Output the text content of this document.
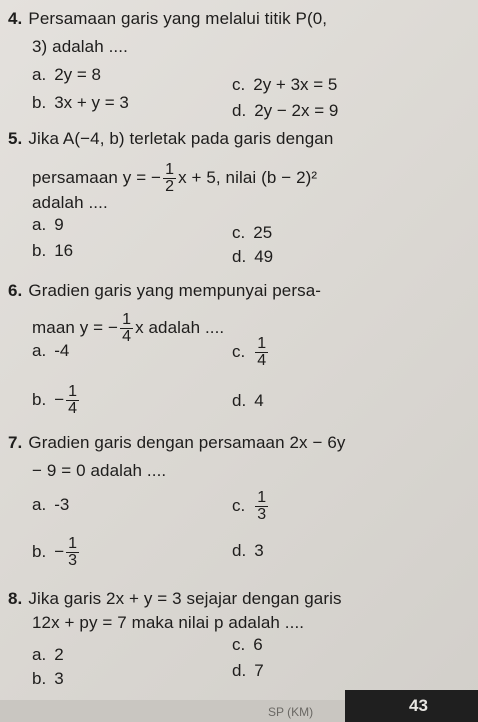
4. Persamaan garis yang melalui titik P(0,
3) adalah ....
a. 2y = 8
b. 3x + y = 3
c. 2y + 3x = 5
d. 2y − 2x = 9
5. Jika A(−4, b) terletak pada garis dengan
persamaan y = − $\frac{1}{2}$ x + 5, nilai (b − 2)²
adalah ....
a. 9
b. 16
c. 25
d. 49
6. Gradien garis yang mempunyai persa-
maan y = − $\frac{1}{4}$ x adalah ....
a. -4
b. − $\frac{1}{4}$
c. $\frac{1}{4}$
d. 4
7. Gradien garis dengan persamaan 2x − 6y
− 9 = 0 adalah ....
a. -3
b. − $\frac{1}{3}$
c. $\frac{1}{3}$
d. 3
8. Jika garis 2x + y = 3 sejajar dengan garis
12x + py = 7 maka nilai p adalah ....
a. 2
b. 3
c. 6
d. 7
SP (KM)	43
